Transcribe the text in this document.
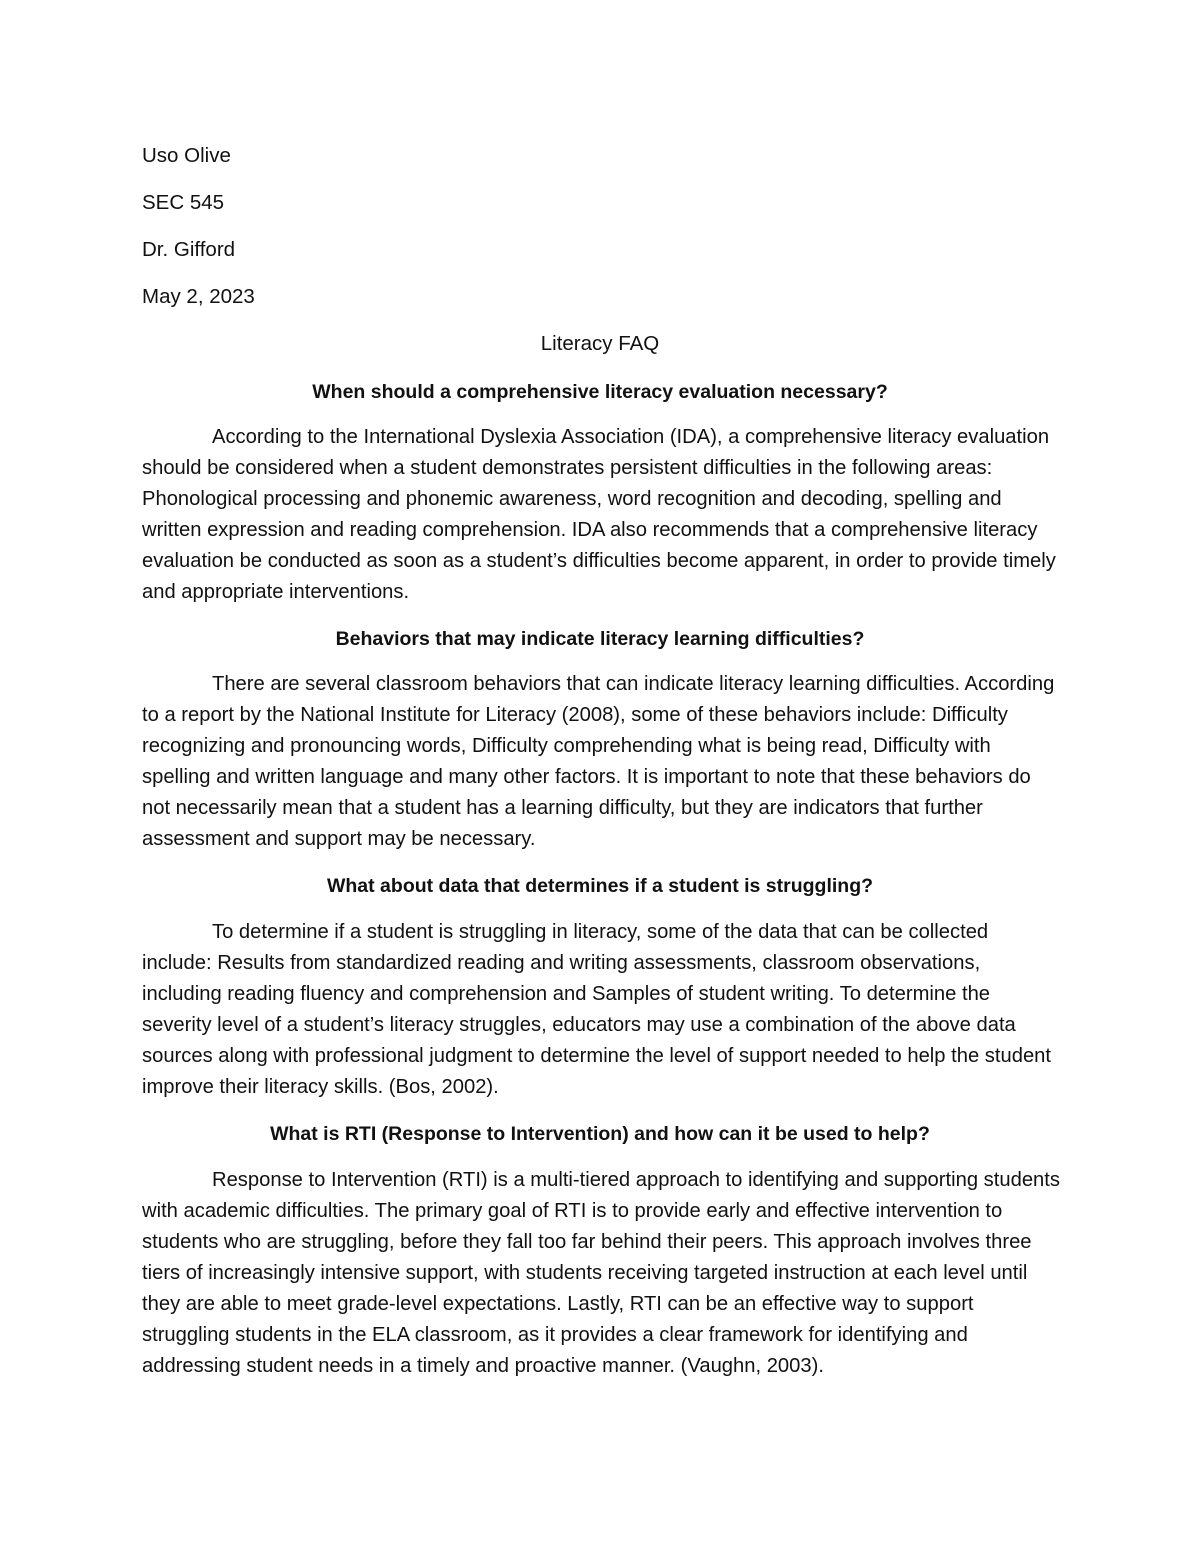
Uso Olive

SEC 545

Dr. Gifford

May 2, 2023

Literacy FAQ

When should a comprehensive literacy evaluation necessary?

According to the International Dyslexia Association (IDA), a comprehensive literacy evaluation should be considered when a student demonstrates persistent difficulties in the following areas: Phonological processing and phonemic awareness, word recognition and decoding, spelling and written expression and reading comprehension. IDA also recommends that a comprehensive literacy evaluation be conducted as soon as a student’s difficulties become apparent, in order to provide timely and appropriate interventions.

Behaviors that may indicate literacy learning difficulties?

There are several classroom behaviors that can indicate literacy learning difficulties. According to a report by the National Institute for Literacy (2008), some of these behaviors include: Difficulty recognizing and pronouncing words, Difficulty comprehending what is being read, Difficulty with spelling and written language and many other factors. It is important to note that these behaviors do not necessarily mean that a student has a learning difficulty, but they are indicators that further assessment and support may be necessary.

What about data that determines if a student is struggling?

To determine if a student is struggling in literacy, some of the data that can be collected include: Results from standardized reading and writing assessments, classroom observations, including reading fluency and comprehension and Samples of student writing. To determine the severity level of a student’s literacy struggles, educators may use a combination of the above data sources along with professional judgment to determine the level of support needed to help the student improve their literacy skills. (Bos, 2002).

What is RTI (Response to Intervention) and how can it be used to help?

Response to Intervention (RTI) is a multi-tiered approach to identifying and supporting students with academic difficulties. The primary goal of RTI is to provide early and effective intervention to students who are struggling, before they fall too far behind their peers. This approach involves three tiers of increasingly intensive support, with students receiving targeted instruction at each level until they are able to meet grade-level expectations. Lastly, RTI can be an effective way to support struggling students in the ELA classroom, as it provides a clear framework for identifying and addressing student needs in a timely and proactive manner. (Vaughn, 2003).
